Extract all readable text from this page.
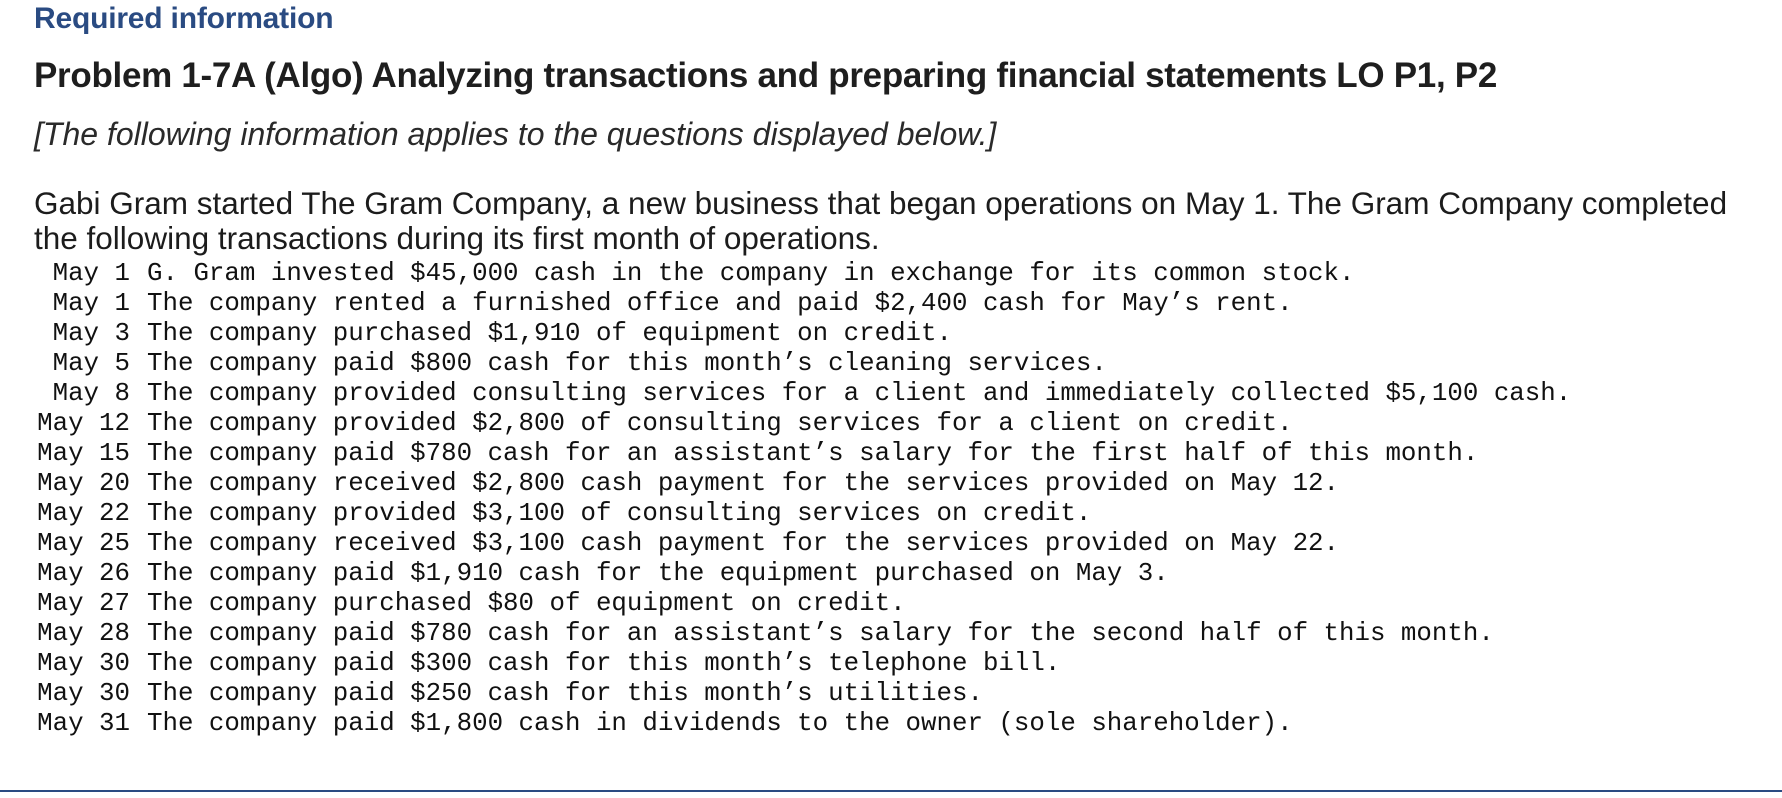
Required information
Problem 1-7A (Algo) Analyzing transactions and preparing financial statements LO P1, P2
[The following information applies to the questions displayed below.]
Gabi Gram started The Gram Company, a new business that began operations on May 1. The Gram Company completed the following transactions during its first month of operations.
May 1 G. Gram invested $45,000 cash in the company in exchange for its common stock.
May 1 The company rented a furnished office and paid $2,400 cash for May’s rent.
May 3 The company purchased $1,910 of equipment on credit.
May 5 The company paid $800 cash for this month’s cleaning services.
May 8 The company provided consulting services for a client and immediately collected $5,100 cash.
May 12 The company provided $2,800 of consulting services for a client on credit.
May 15 The company paid $780 cash for an assistant’s salary for the first half of this month.
May 20 The company received $2,800 cash payment for the services provided on May 12.
May 22 The company provided $3,100 of consulting services on credit.
May 25 The company received $3,100 cash payment for the services provided on May 22.
May 26 The company paid $1,910 cash for the equipment purchased on May 3.
May 27 The company purchased $80 of equipment on credit.
May 28 The company paid $780 cash for an assistant’s salary for the second half of this month.
May 30 The company paid $300 cash for this month’s telephone bill.
May 30 The company paid $250 cash for this month’s utilities.
May 31 The company paid $1,800 cash in dividends to the owner (sole shareholder).
